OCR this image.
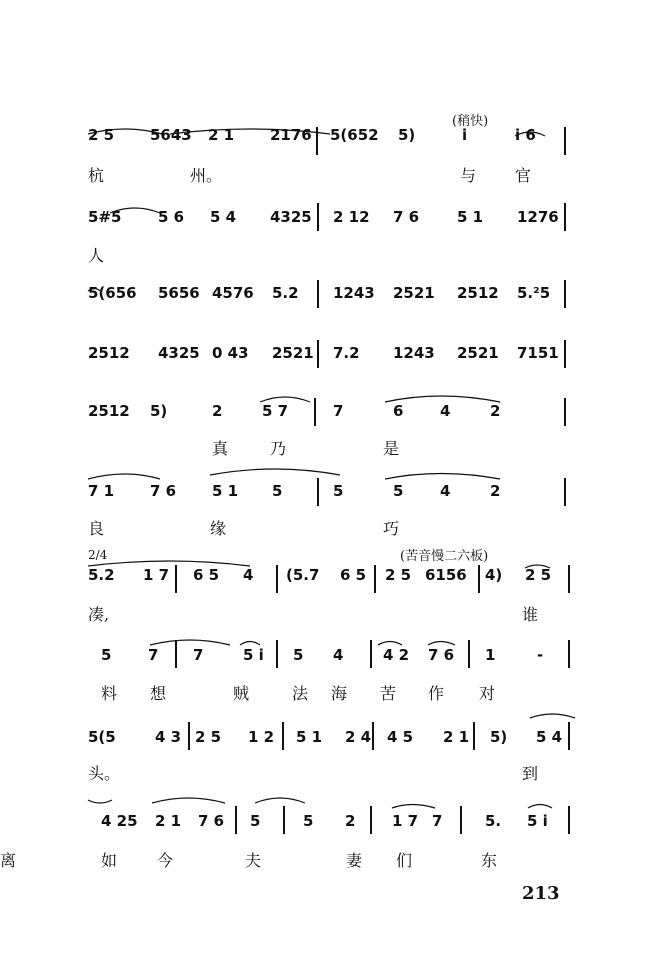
(稍快)
(苦音慢二六板)
2/4
213
2 5 5643 2 1 2176 5(652 5)	i	i 6
杭	州。	与 官
5#5 5 6 5 4 4325 2 12 7 6	5 1 1276
人
5(656 5656 4576 5.2 1243 2521 2512 5.²5
2512 4325 0 43 2521 7.2 1243 2521 7151
2512 5)	2	5 7	7	6 4	2
真	乃	是
7 1 7 6 5 1 5	5	5 4	2
良	缘	巧
5.2 1 7 6 5 4 (5.7 6 5 2 5 6156 4) 2 5
凑,	谁
5 7 7	5 i 5 4	4 2 7 6 1	-
料 想	贼	法 海 苦 作 对
5(5	4 3 2 5 1 2 5 1 2 4 4 5 2 1 5) 5 4
头。	到
4 25 2 1 7 6 5	5 2 1 7 7	5. 5 i
如 今	夫	妻 们	东
离
